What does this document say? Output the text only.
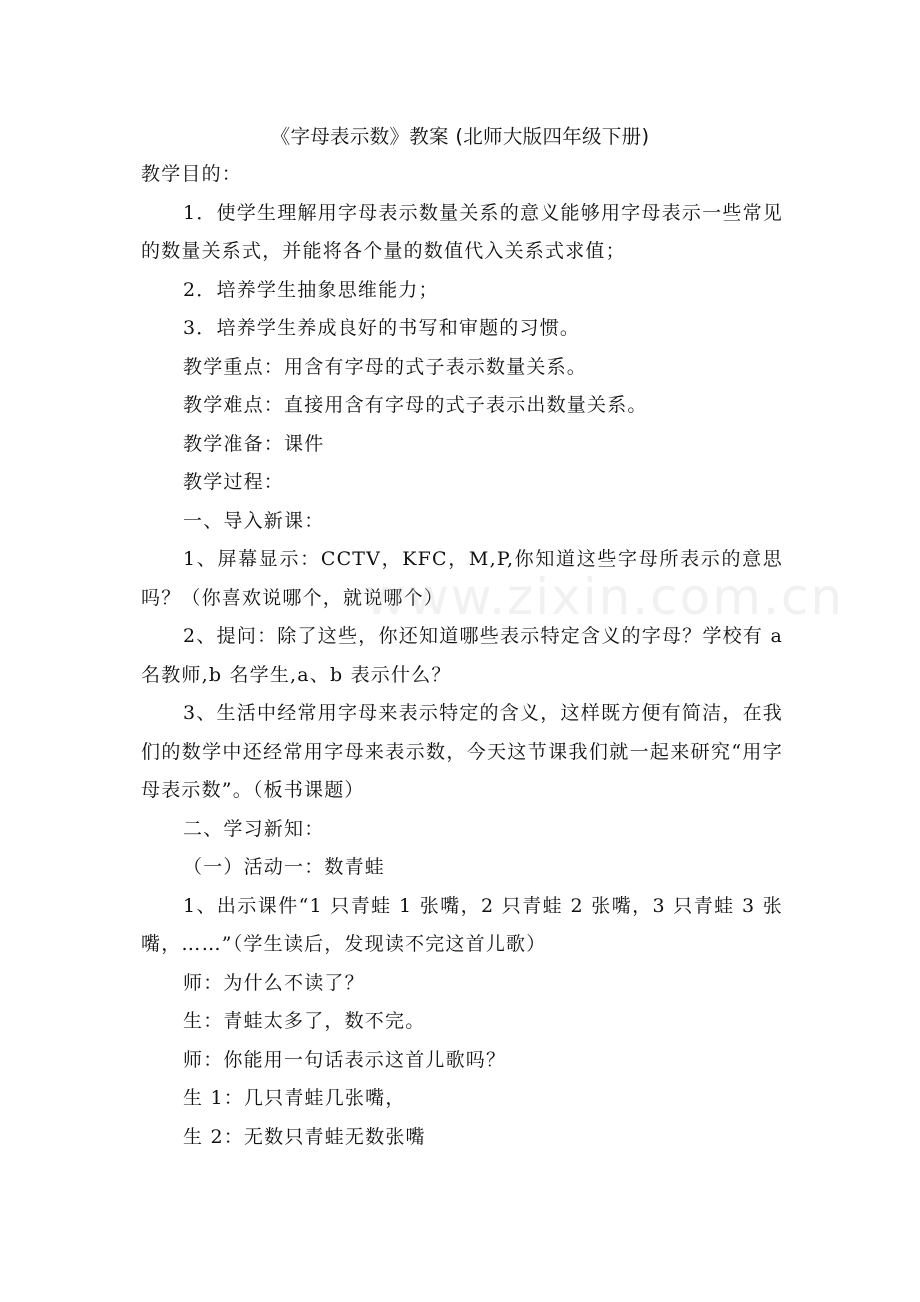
《字母表示数》教案 (北师大版四年级下册)

教学目的：

1．使学生理解用字母表示数量关系的意义能够用字母表示一些常见的数量关系式，并能将各个量的数值代入关系式求值；

2．培养学生抽象思维能力；

3．培养学生养成良好的书写和审题的习惯。

教学重点：用含有字母的式子表示数量关系。

教学难点：直接用含有字母的式子表示出数量关系。

教学准备：课件

教学过程：

一、导入新课：

1、屏幕显示：CCTV，KFC，M,P,你知道这些字母所表示的意思吗？（你喜欢说哪个，就说哪个）

2、提问：除了这些，你还知道哪些表示特定含义的字母？学校有 a 名教师,b 名学生,a、b 表示什么？

3、生活中经常用字母来表示特定的含义，这样既方便有简洁，在我们的数学中还经常用字母来表示数，今天这节课我们就一起来研究“用字母表示数”。（板书课题）

二、学习新知：

（一）活动一：数青蛙

1、出示课件“1 只青蛙 1 张嘴，2 只青蛙 2 张嘴，3 只青蛙 3 张嘴，……”（学生读后，发现读不完这首儿歌）

师：为什么不读了？

生：青蛙太多了，数不完。

师：你能用一句话表示这首儿歌吗？

生 1：几只青蛙几张嘴，

生 2：无数只青蛙无数张嘴

www.zixin.com.cn
